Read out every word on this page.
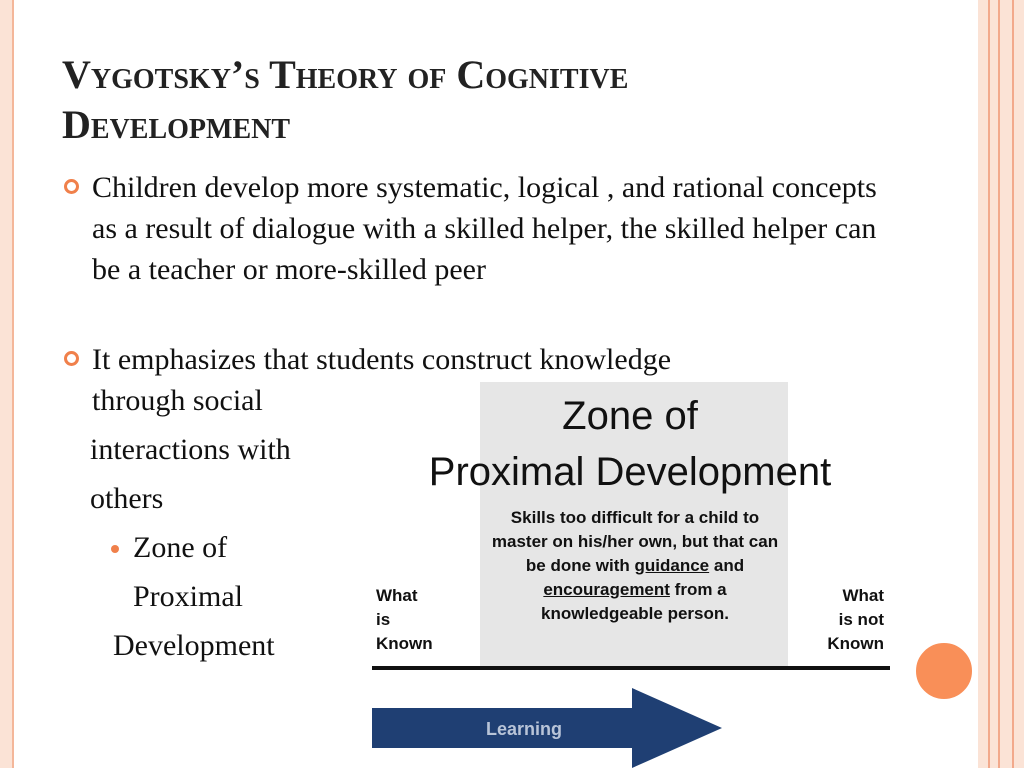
Vygotsky’s Theory of Cognitive
Development
Children develop more systematic, logical , and rational concepts as a result of dialogue with a skilled helper, the skilled helper can be a teacher or more-skilled peer
It emphasizes that students construct knowledge
through social
interactions with
others
Zone of
Proximal
Development
Zone of
Proximal Development
Skills too difficult for a child to master on his/her own, but that can be done with guidance and encouragement from a knowledgeable person.
What
is
Known
What
is not
Known
Learning
